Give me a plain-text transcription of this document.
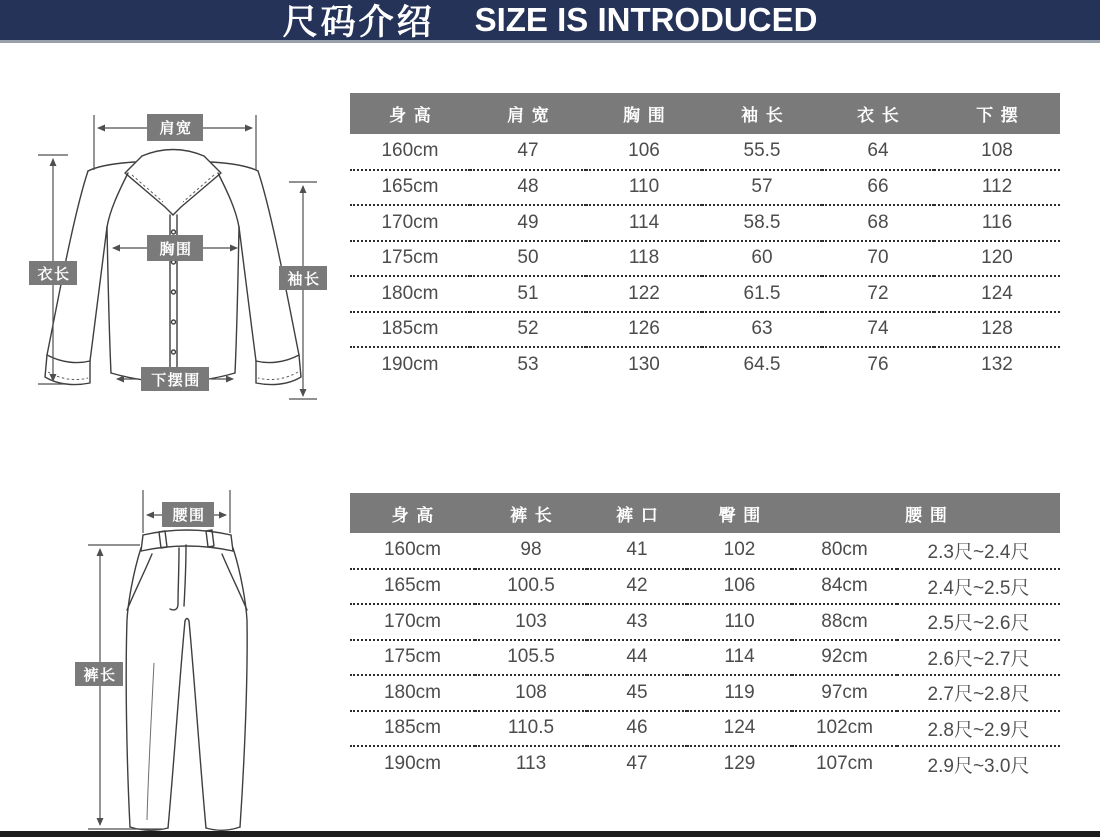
尺码介绍 SIZE IS INTRODUCED
肩宽
胸围
衣长	袖长
下摆围
腰围
裤长
身高	肩宽	胸围	袖长	衣长	下摆
160cm	47	106	55.5	64	108
165cm	48	110	57	66	112
170cm	49	114	58.5	68	116
175cm	50	118	60	70	120
180cm	51	122	61.5	72	124
185cm	52	126	63	74	128
190cm	53	130	64.5	76	132
身高	裤长	裤口	臀围	腰围	
160cm	98	41	102	80cm	2.3尺~2.4尺
165cm	100.5	42	106	84cm	2.4尺~2.5尺
170cm	103	43	110	88cm	2.5尺~2.6尺
175cm	105.5	44	114	92cm	2.6尺~2.7尺
180cm	108	45	119	97cm	2.7尺~2.8尺
185cm	110.5	46	124	102cm	2.8尺~2.9尺
190cm	113	47	129	107cm	2.9尺~3.0尺
